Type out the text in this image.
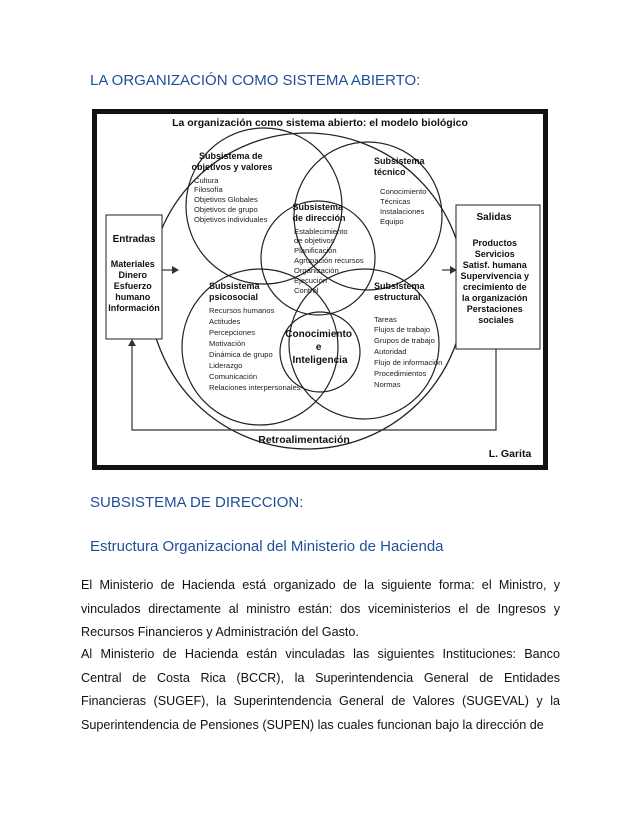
LA ORGANIZACIÓN COMO SISTEMA ABIERTO:
La organización como sistema abierto: el modelo biológico
Subsistema de objetivos y valores
Cultura Filosofía Objetivos Globales Objetivos de grupo Objetivos individuales
Subsistema técnico
Conocimiento Técnicas Instalaciones Equipo
Subsistema de dirección
Establecimiento de objetivos Planificación Agrupación recursos Organización Ejecución Control
Subsistema psicosocial
Recursos humanos Actitudes Percepciones Motivación Dinámica de grupo Liderazgo Comunicación Relaciones interpersonales
Subsistema estructural
Tareas Flujos de trabajo Grupos de trabajo Autoridad Flujo de información Procedimientos Normas
Conocimiento e Inteligencia
Entradas
Materiales Dinero Esfuerzo humano Información
Salidas
Productos Servicios Satisf. humana Supervivencia y crecimiento de la organización Perstaciones sociales
Retroalimentación
L. Garita
SUBSISTEMA DE DIRECCION:
Estructura Organizacional del Ministerio de Hacienda
El Ministerio de Hacienda está organizado de la siguiente forma: el Ministro, y
vinculados directamente al ministro están: dos viceministerios el de Ingresos y
Recursos Financieros y Administración del Gasto.
Al Ministerio de Hacienda están vinculadas las siguientes Instituciones: Banco
Central de Costa Rica (BCCR), la Superintendencia General de Entidades
Financieras (SUGEF), la Superintendencia General de Valores (SUGEVAL) y la
Superintendencia de Pensiones (SUPEN) las cuales funcionan bajo la dirección de
